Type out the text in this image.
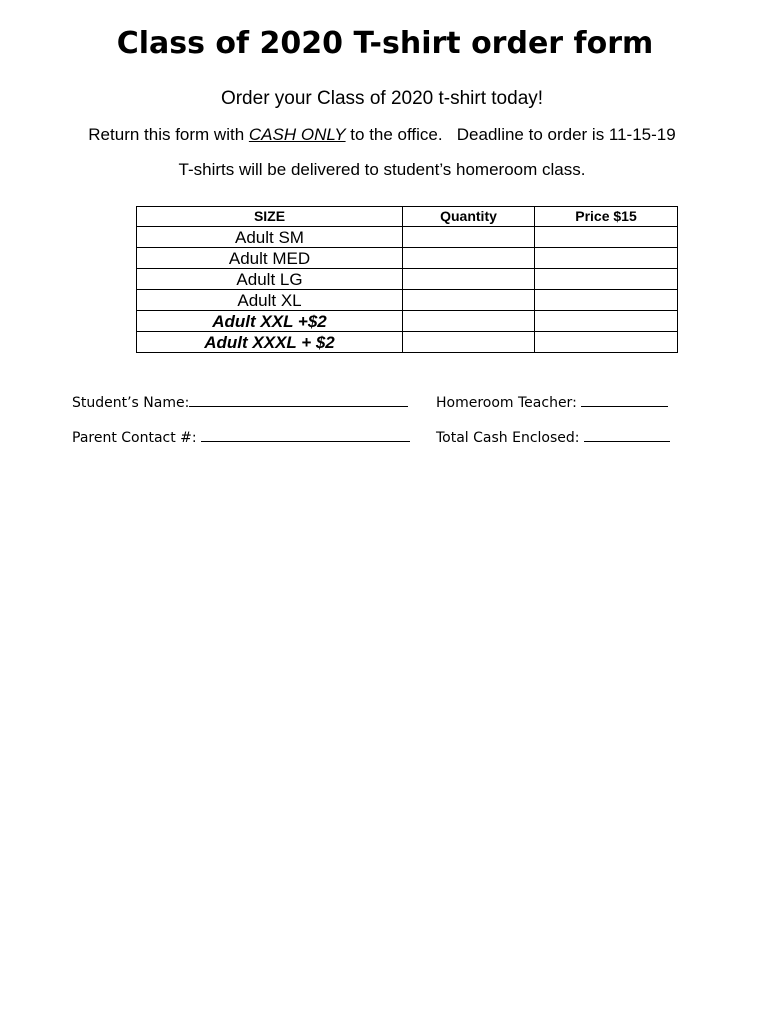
Class of 2020 T-shirt order form
Order your Class of 2020 t-shirt today!
Return this form with CASH ONLY to the office.   Deadline to order is 11-15-19
T-shirts will be delivered to student’s homeroom class.
SIZE	Quantity	Price $15
Adult SM		
Adult MED		
Adult LG		
Adult XL		
Adult XXL +$2		
Adult XXXL + $2		
Student’s Name:	Homeroom Teacher:
Parent Contact #:	Total Cash Enclosed:
